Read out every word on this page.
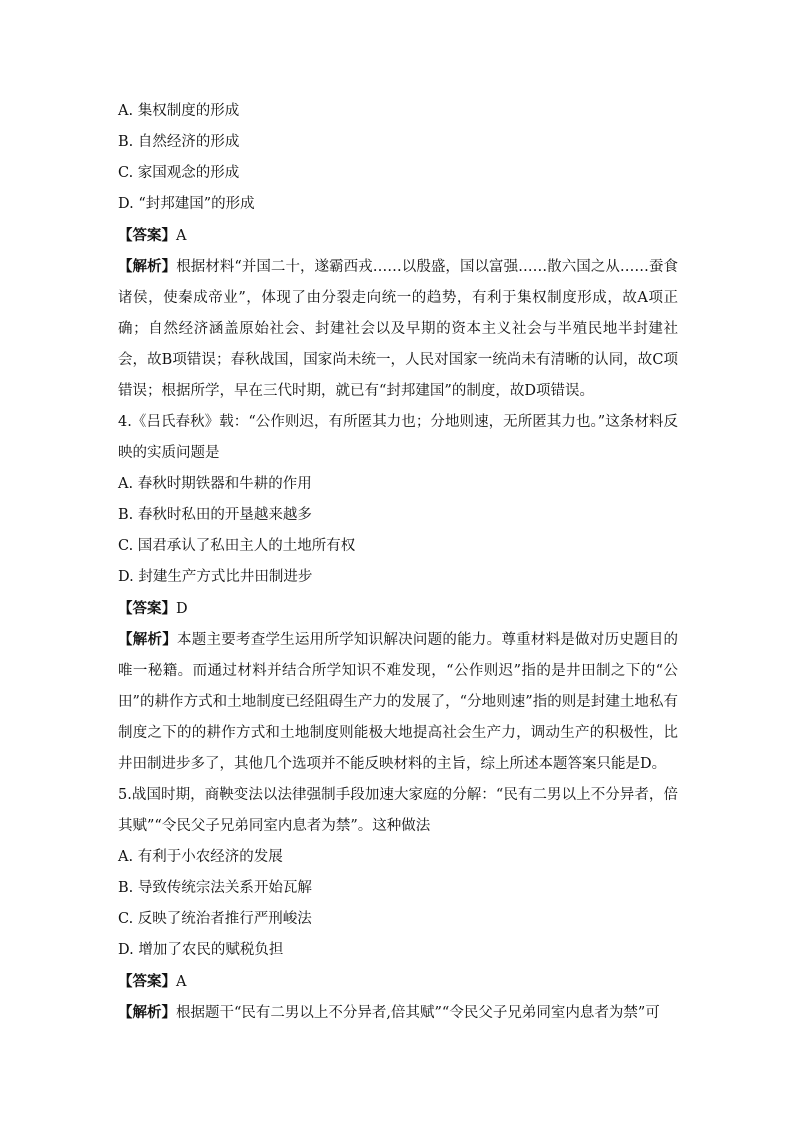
A. 集权制度的形成
B. 自然经济的形成
C. 家国观念的形成
D. “封邦建国”的形成
【答案】A

【解析】根据材料“并国二十，遂霸西戎……以殷盛，国以富强……散六国之从……蚕食诸侯，使秦成帝业”，体现了由分裂走向统一的趋势，有利于集权制度形成，故A项正确；自然经济涵盖原始社会、封建社会以及早期的资本主义社会与半殖民地半封建社会，故B项错误；春秋战国，国家尚未统一，人民对国家一统尚未有清晰的认同，故C项错误；根据所学，早在三代时期，就已有“封邦建国”的制度，故D项错误。

4.《吕氏春秋》载：“公作则迟，有所匿其力也；分地则速，无所匿其力也。”这条材料反映的实质问题是

A. 春秋时期铁器和牛耕的作用
B. 春秋时私田的开垦越来越多
C. 国君承认了私田主人的土地所有权
D. 封建生产方式比井田制进步
【答案】D

【解析】本题主要考查学生运用所学知识解决问题的能力。尊重材料是做对历史题目的唯一秘籍。而通过材料并结合所学知识不难发现，“公作则迟”指的是井田制之下的“公田”的耕作方式和土地制度已经阻碍生产力的发展了，“分地则速”指的则是封建土地私有制度之下的的耕作方式和土地制度则能极大地提高社会生产力，调动生产的积极性，比井田制进步多了，其他几个选项并不能反映材料的主旨，综上所述本题答案只能是D。

5.战国时期，商鞅变法以法律强制手段加速大家庭的分解：“民有二男以上不分异者，倍其赋”“令民父子兄弟同室内息者为禁”。这种做法

A. 有利于小农经济的发展
B. 导致传统宗法关系开始瓦解
C. 反映了统治者推行严刑峻法
D. 增加了农民的赋税负担
【答案】A

【解析】根据题干“民有二男以上不分异者,倍其赋”“令民父子兄弟同室内息者为禁”可
